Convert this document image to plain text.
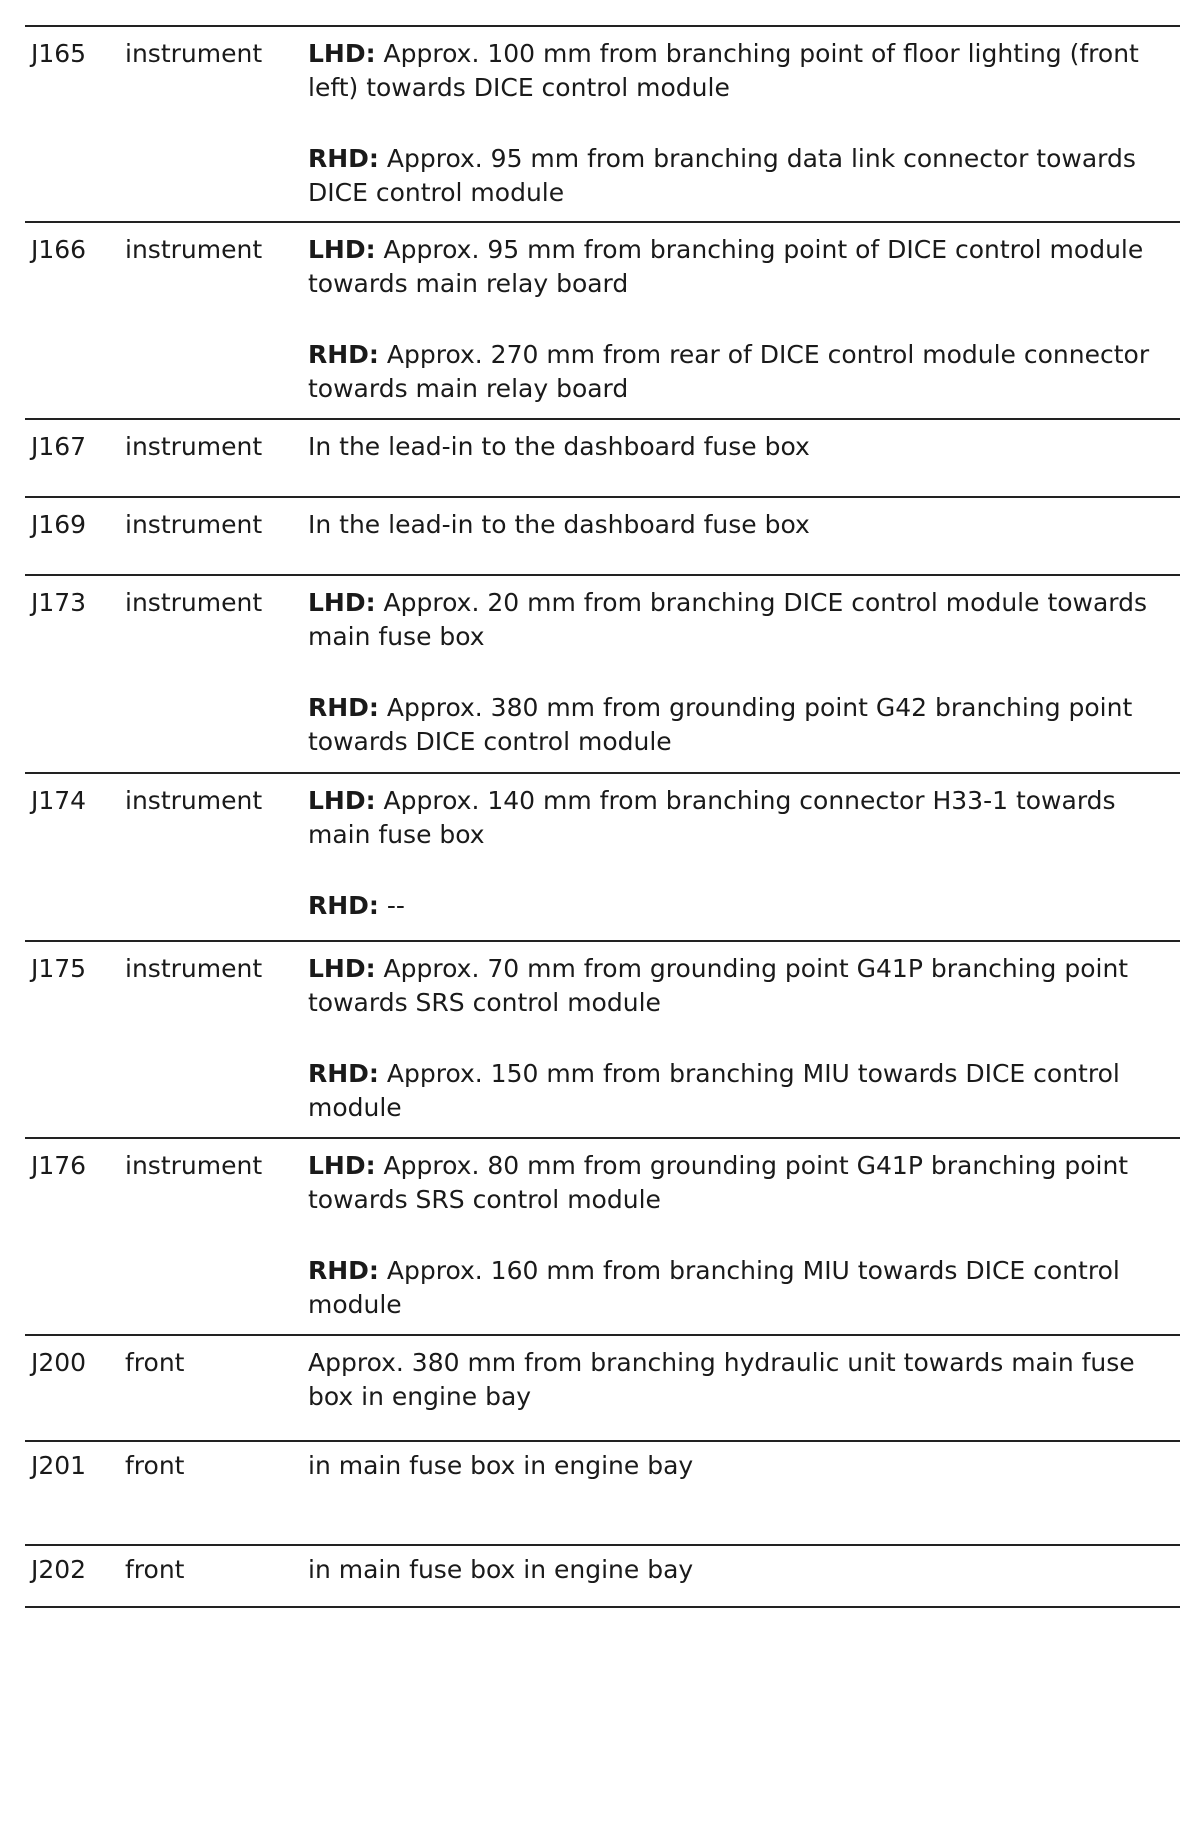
J165	instrument	LHD: Approx. 100 mm from branching point of floor lighting (front left) towards DICE control module
RHD: Approx. 95 mm from branching data link connector towards DICE control module
J166	instrument	LHD: Approx. 95 mm from branching point of DICE control module towards main relay board
RHD: Approx. 270 mm from rear of DICE control module connector towards main relay board
J167	instrument	In the lead-in to the dashboard fuse box
J169	instrument	In the lead-in to the dashboard fuse box
J173	instrument	LHD: Approx. 20 mm from branching DICE control module towards main fuse box
RHD: Approx. 380 mm from grounding point G42 branching point towards DICE control module
J174	instrument	LHD: Approx. 140 mm from branching connector H33-1 towards main fuse box
RHD: --
J175	instrument	LHD: Approx. 70 mm from grounding point G41P branching point towards SRS control module
RHD: Approx. 150 mm from branching MIU towards DICE control module
J176	instrument	LHD: Approx. 80 mm from grounding point G41P branching point towards SRS control module
RHD: Approx. 160 mm from branching MIU towards DICE control module
J200	front	Approx. 380 mm from branching hydraulic unit towards main fuse box in engine bay
J201	front	in main fuse box in engine bay
J202	front	in main fuse box in engine bay
